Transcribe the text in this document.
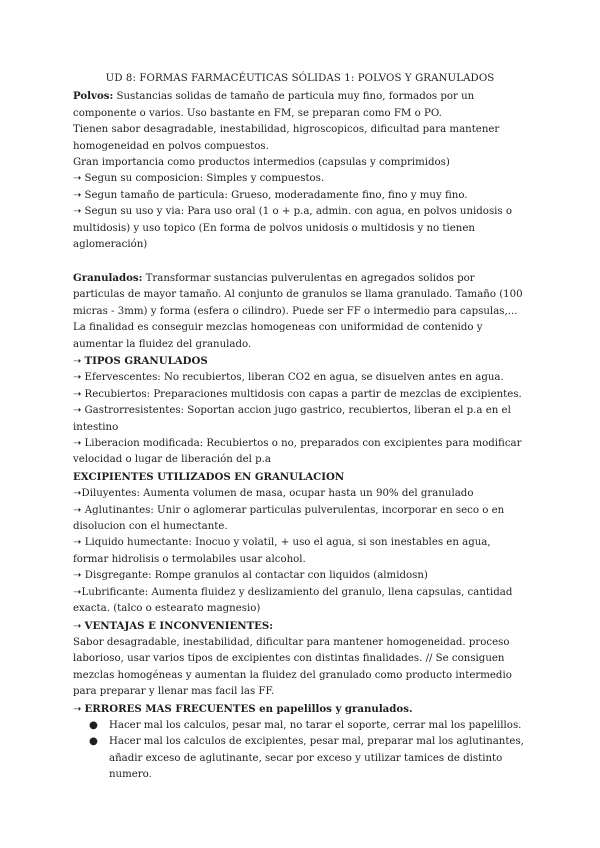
UD 8: FORMAS FARMACÉUTICAS SÓLIDAS 1: POLVOS Y GRANULADOS

Polvos: Sustancias solidas de tamaño de particula muy fino, formados por un componente o varios. Uso bastante en FM, se preparan como FM o PO.

Tienen sabor desagradable, inestabilidad, higroscopicos, dificultad para mantener homogeneidad en polvos compuestos.

Gran importancia como productos intermedios (capsulas y comprimidos)

➝ Segun su composicion: Simples y compuestos.

➝ Segun tamaño de particula: Grueso, moderadamente fino, fino y muy fino.

➝ Segun su uso y via: Para uso oral (1 o + p.a, admin. con agua, en polvos unidosis o multidosis) y uso topico (En forma de polvos unidosis o multidosis y no tienen aglomeración)

Granulados: Transformar sustancias pulverulentas en agregados solidos por particulas de mayor tamaño. Al conjunto de granulos se llama granulado. Tamaño (100 micras - 3mm) y forma (esfera o cilindro). Puede ser FF o intermedio para capsulas,...

La finalidad es conseguir mezclas homogeneas con uniformidad de contenido y aumentar la fluidez del granulado.

➝ TIPOS GRANULADOS

➝ Efervescentes: No recubiertos, liberan CO2 en agua, se disuelven antes en agua.

➝ Recubiertos: Preparaciones multidosis con capas a partir de mezclas de excipientes.

➝ Gastrorresistentes: Soportan accion jugo gastrico, recubiertos, liberan el p.a en el intestino

➝ Liberacion modificada: Recubiertos o no, preparados con excipientes para modificar velocidad o lugar de liberación del p.a

EXCIPIENTES UTILIZADOS EN GRANULACION

➝Diluyentes: Aumenta volumen de masa, ocupar hasta un 90% del granulado

➝ Aglutinantes: Unir o aglomerar particulas pulverulentas, incorporar en seco o en disolucion con el humectante.

➝ Liquido humectante: Inocuo y volatil, + uso el agua, si son inestables en agua, formar hidrolisis o termolabiles usar alcohol.

➝ Disgregante: Rompe granulos al contactar con liquidos (almidosn)

➝Lubrificante: Aumenta fluidez y deslizamiento del granulo, llena capsulas, cantidad exacta. (talco o estearato magnesio)

➝ VENTAJAS E INCONVENIENTES:

Sabor desagradable, inestabilidad, dificultar para mantener homogeneidad. proceso laborioso, usar varios tipos de excipientes con distintas finalidades. // Se consiguen mezclas homogéneas y aumentan la fluidez del granulado como producto intermedio para preparar y llenar mas facil las FF.

➝ ERRORES MAS FRECUENTES en papelillos y granulados.

● Hacer mal los calculos, pesar mal, no tarar el soporte, cerrar mal los papelillos.
● Hacer mal los calculos de excipientes, pesar mal, preparar mal los aglutinantes, añadir exceso de aglutinante, secar por exceso y utilizar tamices de distinto numero.
